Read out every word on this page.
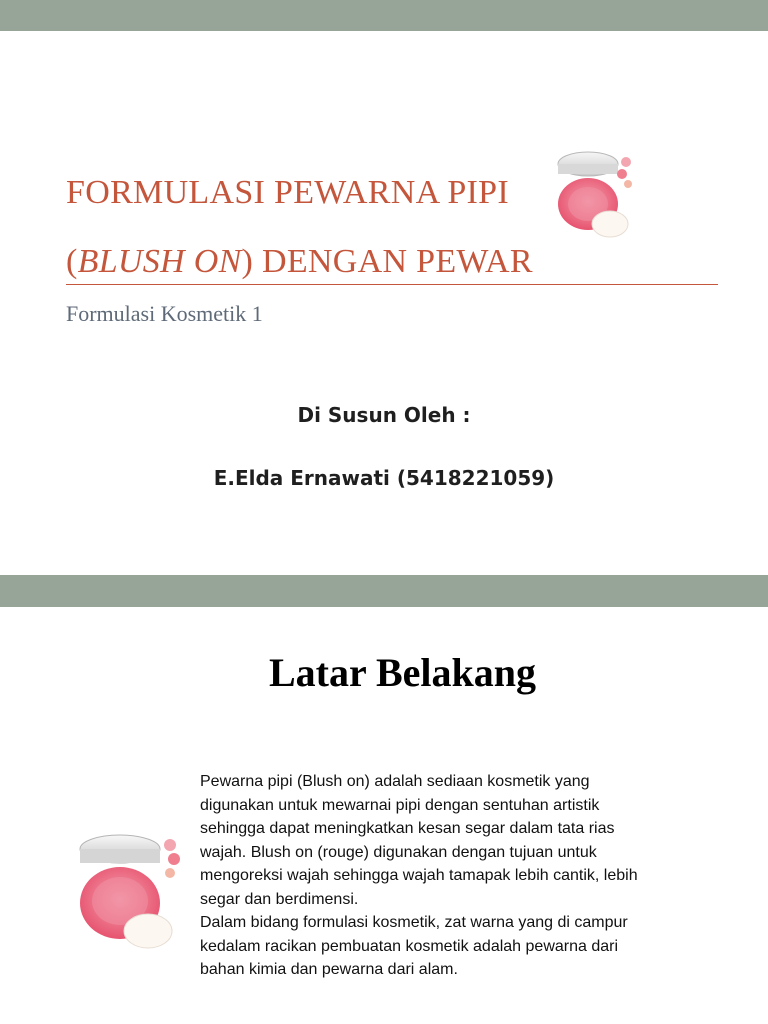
FORMULASI PEWARNA PIPI
(BLUSH ON) DENGAN PEWAR
Formulasi Kosmetik 1
Di Susun Oleh :
E.Elda Ernawati (5418221059)
Latar Belakang

Pewarna pipi (Blush on) adalah sediaan kosmetik yang digunakan untuk mewarnai pipi dengan sentuhan artistik sehingga dapat meningkatkan kesan segar dalam tata rias wajah. Blush on (rouge) digunakan dengan tujuan untuk mengoreksi wajah sehingga wajah tamapak lebih cantik, lebih segar dan berdimensi.

Dalam bidang formulasi kosmetik, zat warna yang di campur kedalam racikan pembuatan kosmetik adalah pewarna dari bahan kimia dan pewarna dari alam.
